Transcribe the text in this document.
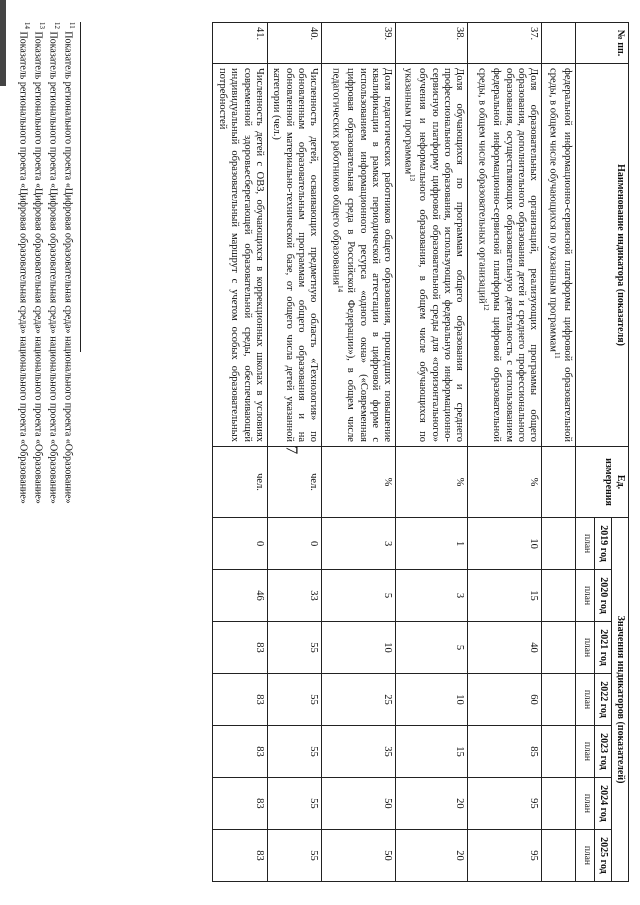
7
№ пп.	Наименование индикатора (показателя)	Ед. измерения	Значения индикаторов (показателей)						
			2019 год	2020 год	2021 год	2022 год	2023 год	2024 год	2025 год
			план	план	план	план	план	план	план
	федеральной информационно-сервисной платформы цифровой образовательной среды, в общем числе обучающихся по указанным программам$^{11}$								
37.	Доля образовательных организаций, реализующих программы общего образования, дополнительного образования детей и среднего профессионального образования, осуществляющих образовательную деятельность с использованием федеральной информационно-сервисной платформы цифровой образовательной среды, в общем числе образовательных организаций$^{12}$	%	10	15	40	60	85	95	95
38.	Доля обучающихся по программам общего образования и среднего профессионального образования, использующих федеральную информационно-сервисную платформу цифровой образовательной среды для «горизонтального» обучения и неформального образования, в общем числе обучающихся по указанным программам$^{13}$	%	1	3	5	10	15	20	20
39.	Доля педагогических работников общего образования, прошедших повышение квалификации в рамках периодической аттестации в цифровой форме с использованием информационного ресурса «одного окна» («Современная цифровая образовательная среда в Российской Федерации»), в общем числе педагогических работников общего образования$^{14}$	%	3	5	10	25	35	50	50
40.	Численность детей, осваивающих предметную область «Технология» по обновленным образовательным программам общего образования и на обновленной материально-технической базе, от общего числа детей указанной категории (чел.)	чел.	0	33	55	55	55	55	55
41.	Численность детей с ОВЗ, обучающихся в коррекционных школах в условиях современной здоровьесберегающей образовательной среды, обеспечивающей индивидуальный образовательный маршрут с учетом особых образовательных потребностей	чел.	0	46	83	83	83	83	83
$^{11}$ Показатель регионального проекта «Цифровая образовательная среда» национального проекта «Образование»
$^{12}$ Показатель регионального проекта «Цифровая образовательная среда» национального проекта «Образование»
$^{13}$ Показатель регионального проекта «Цифровая образовательная среда» национального проекта «Образование»
$^{14}$ Показатель регионального проекта «Цифровая образовательная среда» национального проекта «Образование»
